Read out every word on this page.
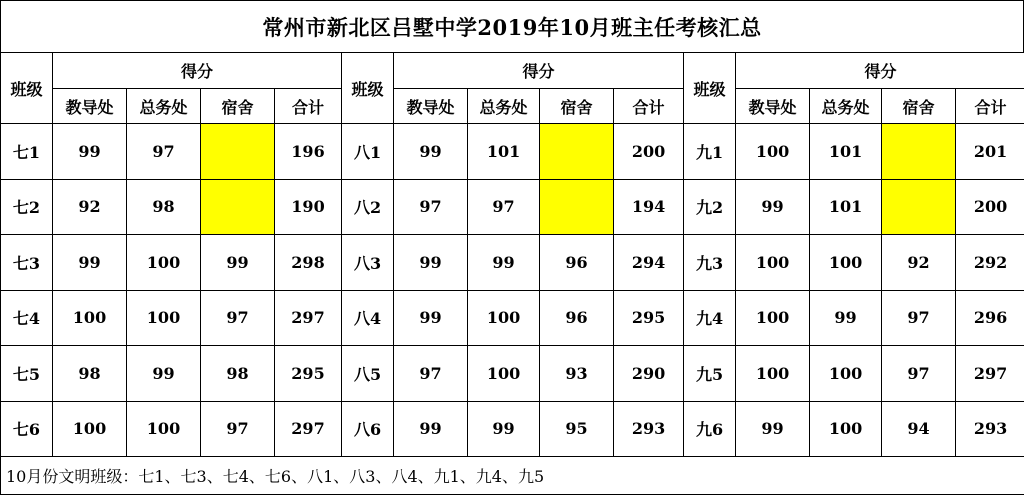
常州市新北区吕墅中学2019年10月班主任考核汇总
班级	得分				班级	得分				班级	得分			
	教导处	总务处	宿舍	合计		教导处	总务处	宿舍	合计		教导处	总务处	宿舍	合计
七1	99	97		196	八1	99	101		200	九1	100	101		201
七2	92	98		190	八2	97	97		194	九2	99	101		200
七3	99	100	99	298	八3	99	99	96	294	九3	100	100	92	292
七4	100	100	97	297	八4	99	100	96	295	九4	100	99	97	296
七5	98	99	98	295	八5	97	100	93	290	九5	100	100	97	297
七6	100	100	97	297	八6	99	99	95	293	九6	99	100	94	293
10月份文明班级：七1、七3、七4、七6、八1、八3、八4、九1、九4、九5														
